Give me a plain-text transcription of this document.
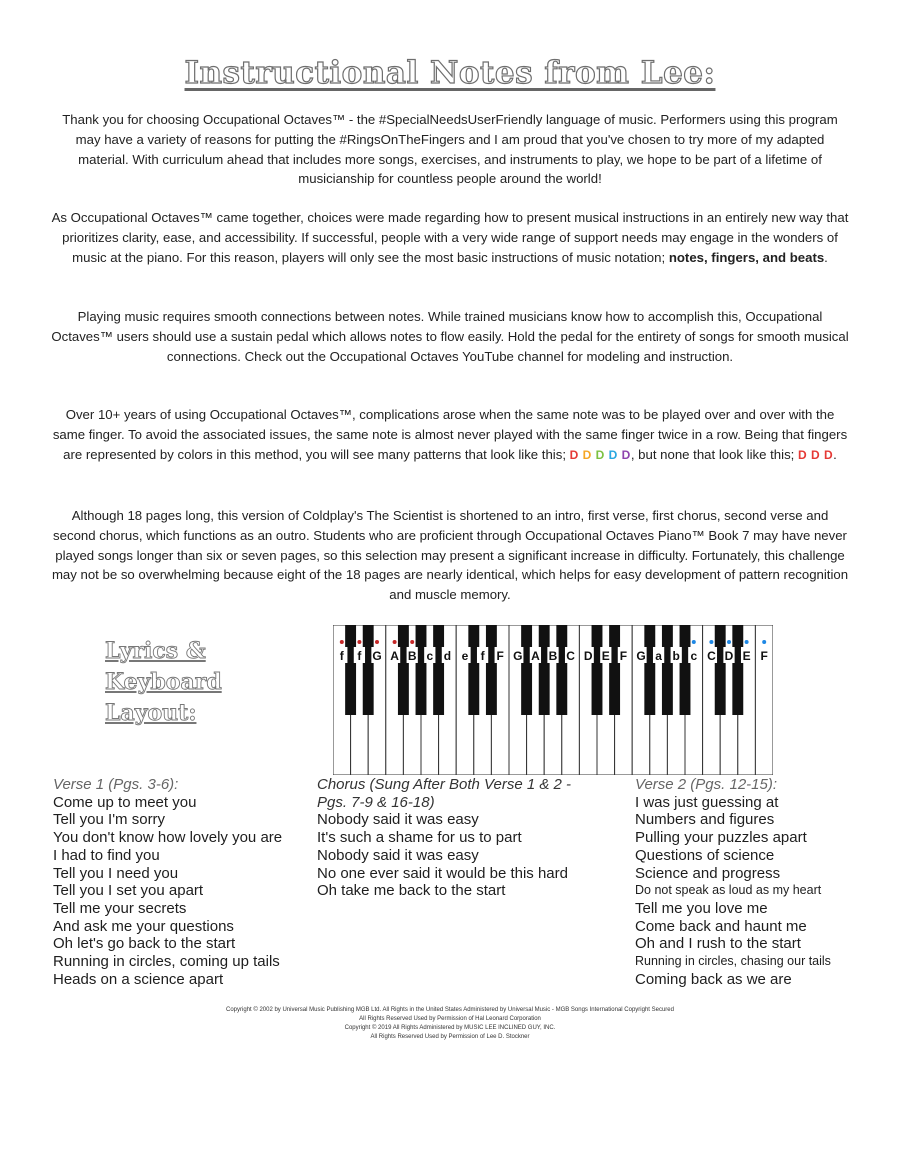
Instructional Notes from Lee:
Thank you for choosing Occupational Octaves™ - the #SpecialNeedsUserFriendly language of music. Performers using this program may have a variety of reasons for putting the #RingsOnTheFingers and I am proud that you've chosen to try more of my adapted material. With curriculum ahead that includes more songs, exercises, and instruments to play, we hope to be part of a lifetime of musicianship for countless people around the world!
As Occupational Octaves™ came together, choices were made regarding how to present musical instructions in an entirely new way that prioritizes clarity, ease, and accessibility. If successful, people with a very wide range of support needs may engage in the wonders of music at the piano. For this reason, players will only see the most basic instructions of music notation; notes, fingers, and beats.
Playing music requires smooth connections between notes. While trained musicians know how to accomplish this, Occupational Octaves™ users should use a sustain pedal which allows notes to flow easily. Hold the pedal for the entirety of songs for smooth musical connections. Check out the Occupational Octaves YouTube channel for modeling and instruction.
Over 10+ years of using Occupational Octaves™, complications arose when the same note was to be played over and over with the same finger. To avoid the associated issues, the same note is almost never played with the same finger twice in a row. Being that fingers are represented by colors in this method, you will see many patterns that look like this; D D D D D, but none that look like this; D D D.
Although 18 pages long, this version of Coldplay's The Scientist is shortened to an intro, first verse, first chorus, second verse and second chorus, which functions as an outro. Students who are proficient through Occupational Octaves Piano™ Book 7 may have never played songs longer than six or seven pages, so this selection may present a significant increase in difficulty. Fortunately, this challenge may not be so overwhelming because eight of the 18 pages are nearly identical, which helps for easy development of pattern recognition and muscle memory.
Lyrics &
Keyboard
Layout:
f f G A B c d e f F G A B C D E F G a b c C D E F
Verse 1 (Pgs. 3-6):
Come up to meet you
Tell you I'm sorry
You don't know how lovely you are
I had to find you
Tell you I need you
Tell you I set you apart
Tell me your secrets
And ask me your questions
Oh let's go back to the start
Running in circles, coming up tails
Heads on a science apart
Chorus (Sung After Both Verse 1 & 2 -
Pgs. 7-9 & 16-18)
Nobody said it was easy
It's such a shame for us to part
Nobody said it was easy
No one ever said it would be this hard
Oh take me back to the start
Verse 2 (Pgs. 12-15):
I was just guessing at
Numbers and figures
Pulling your puzzles apart
Questions of science
Science and progress
Do not speak as loud as my heart
Tell me you love me
Come back and haunt me
Oh and I rush to the start
Running in circles, chasing our tails
Coming back as we are
Copyright © 2002 by Universal Music Publishing MGB Ltd. All Rights in the United States Administered by Universal Music - MGB Songs International Copyright Secured
All Rights Reserved Used by Permission of Hal Leonard Corporation
Copyright © 2019 All Rights Administered by MUSIC LEE INCLINED GUY, INC.
All Rights Reserved Used by Permission of Lee D. Stockner
